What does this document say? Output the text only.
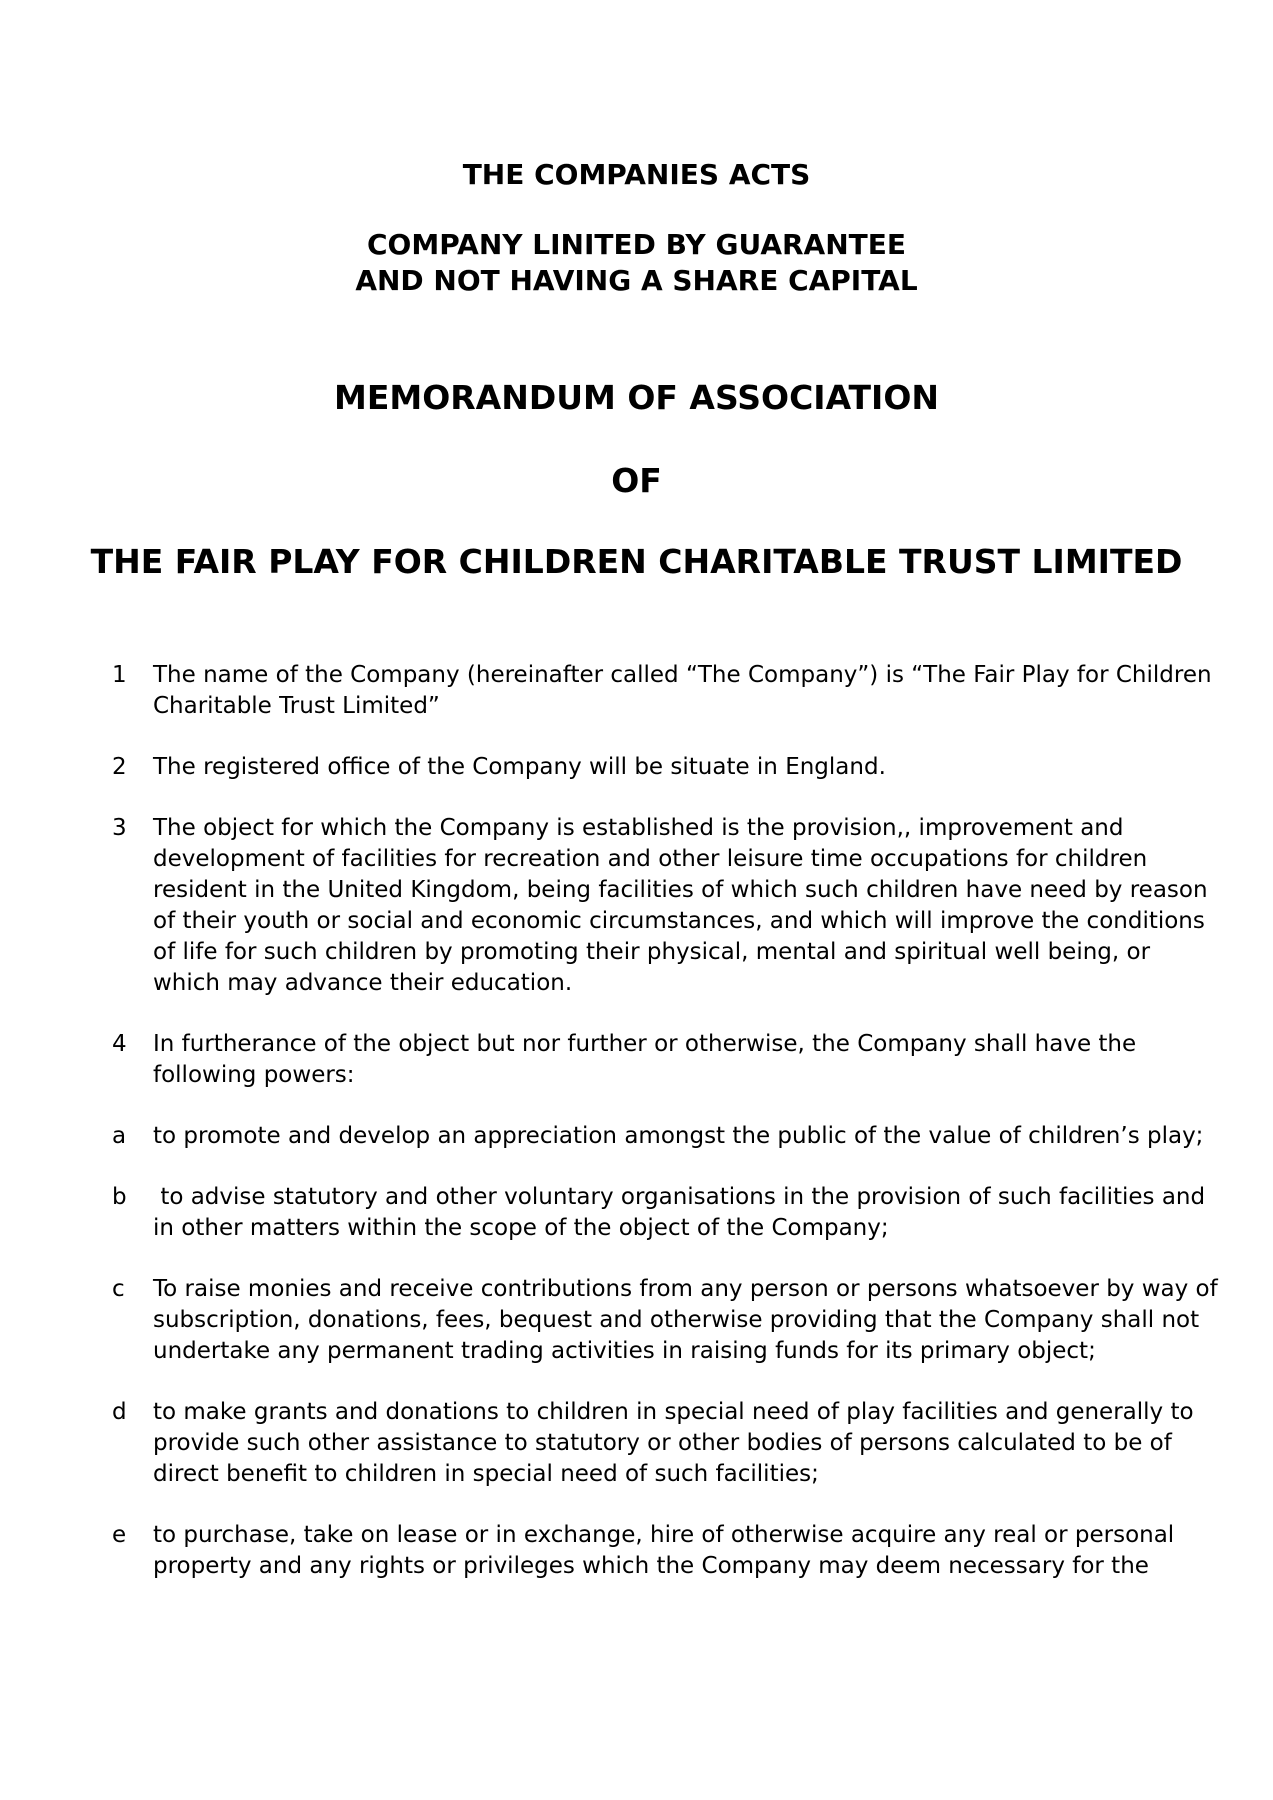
THE COMPANIES ACTS
COMPANY LINITED BY GUARANTEE
AND NOT HAVING A SHARE CAPITAL
MEMORANDUM OF ASSOCIATION
OF
THE FAIR PLAY FOR CHILDREN CHARITABLE TRUST LIMITED
1 The name of the Company (hereinafter called “The Company”) is “The Fair Play for Children Charitable Trust Limited”
2 The registered office of the Company will be situate in England.
3 The object for which the Company is established is the provision,, improvement and development of facilities for recreation and other leisure time occupations for children resident in the United Kingdom, being facilities of which such children have need by reason of their youth or social and economic circumstances, and which will improve the conditions of life for such children by promoting their physical, mental and spiritual well being, or which may advance their education.
4 In furtherance of the object but nor further or otherwise, the Company shall have the following powers:
a to promote and develop an appreciation amongst the public of the value of children’s play;
b to advise statutory and other voluntary organisations in the provision of such facilities and in other matters within the scope of the object of the Company;
c To raise monies and receive contributions from any person or persons whatsoever by way of subscription, donations, fees, bequest and otherwise providing that the Company shall not undertake any permanent trading activities in raising funds for its primary object;
d to make grants and donations to children in special need of play facilities and generally to provide such other assistance to statutory or other bodies of persons calculated to be of direct benefit to children in special need of such facilities;
e to purchase, take on lease or in exchange, hire of otherwise acquire any real or personal property and any rights or privileges which the Company may deem necessary for the
